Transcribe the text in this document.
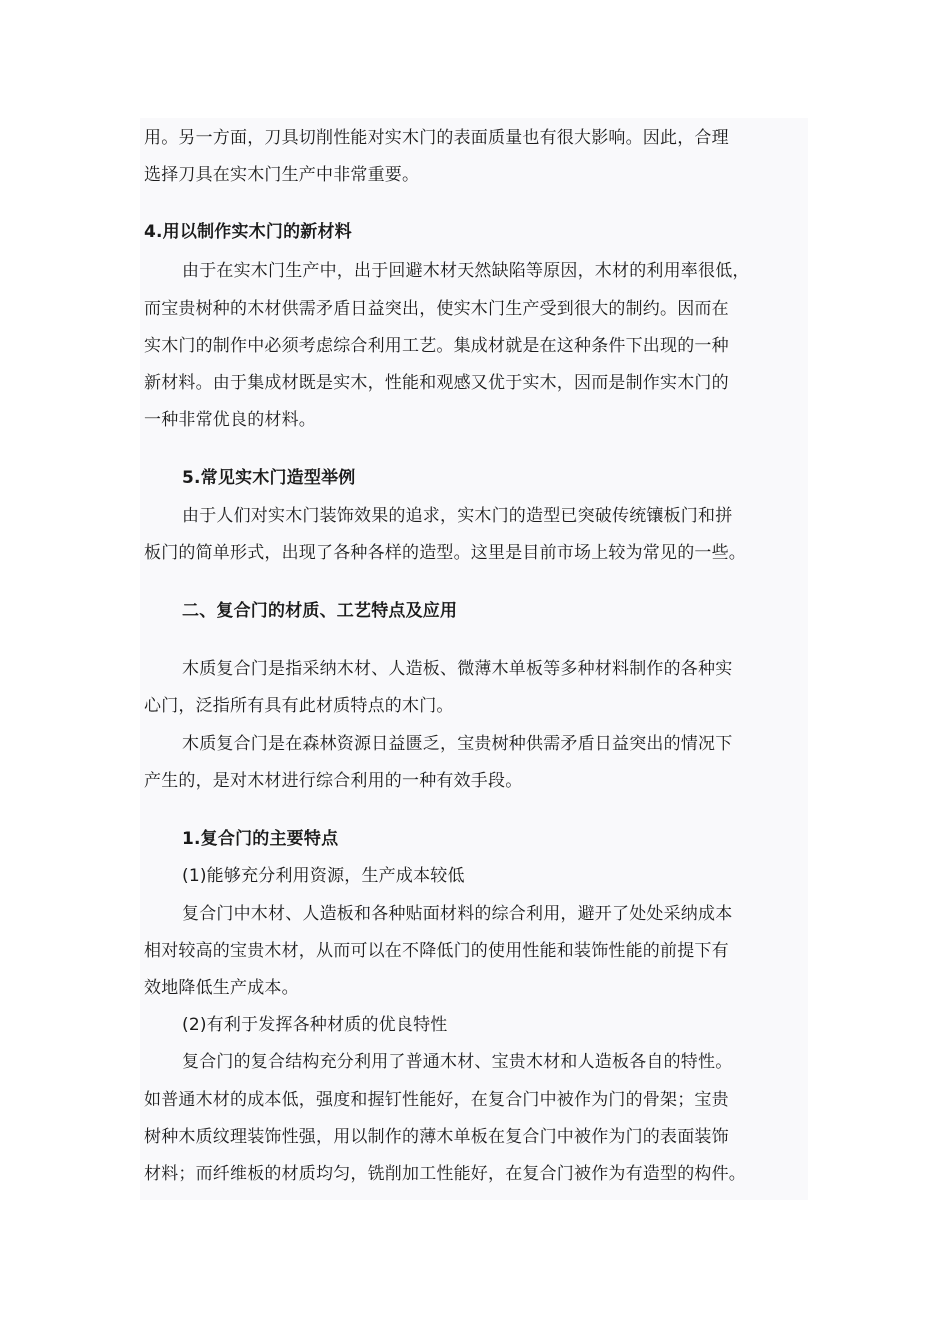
用。另一方面，刀具切削性能对实木门的表面质量也有很大影响。因此，合理
选择刀具在实木门生产中非常重要。
4.用以制作实木门的新材料
由于在实木门生产中，出于回避木材天然缺陷等原因，木材的利用率很低，
而宝贵树种的木材供需矛盾日益突出，使实木门生产受到很大的制约。因而在
实木门的制作中必须考虑综合利用工艺。集成材就是在这种条件下出现的一种
新材料。由于集成材既是实木，性能和观感又优于实木，因而是制作实木门的
一种非常优良的材料。
5.常见实木门造型举例
由于人们对实木门装饰效果的追求，实木门的造型已突破传统镶板门和拼
板门的简单形式，出现了各种各样的造型。这里是目前市场上较为常见的一些。
二、复合门的材质、工艺特点及应用
木质复合门是指采纳木材、人造板、微薄木单板等多种材料制作的各种实
心门，泛指所有具有此材质特点的木门。
木质复合门是在森林资源日益匮乏，宝贵树种供需矛盾日益突出的情况下
产生的，是对木材进行综合利用的一种有效手段。
1.复合门的主要特点
(1)能够充分利用资源，生产成本较低
复合门中木材、人造板和各种贴面材料的综合利用，避开了处处采纳成本
相对较高的宝贵木材，从而可以在不降低门的使用性能和装饰性能的前提下有
效地降低生产成本。
(2)有利于发挥各种材质的优良特性
复合门的复合结构充分利用了普通木材、宝贵木材和人造板各自的特性。
如普通木材的成本低，强度和握钉性能好，在复合门中被作为门的骨架；宝贵
树种木质纹理装饰性强，用以制作的薄木单板在复合门中被作为门的表面装饰
材料；而纤维板的材质均匀，铣削加工性能好，在复合门被作为有造型的构件。
